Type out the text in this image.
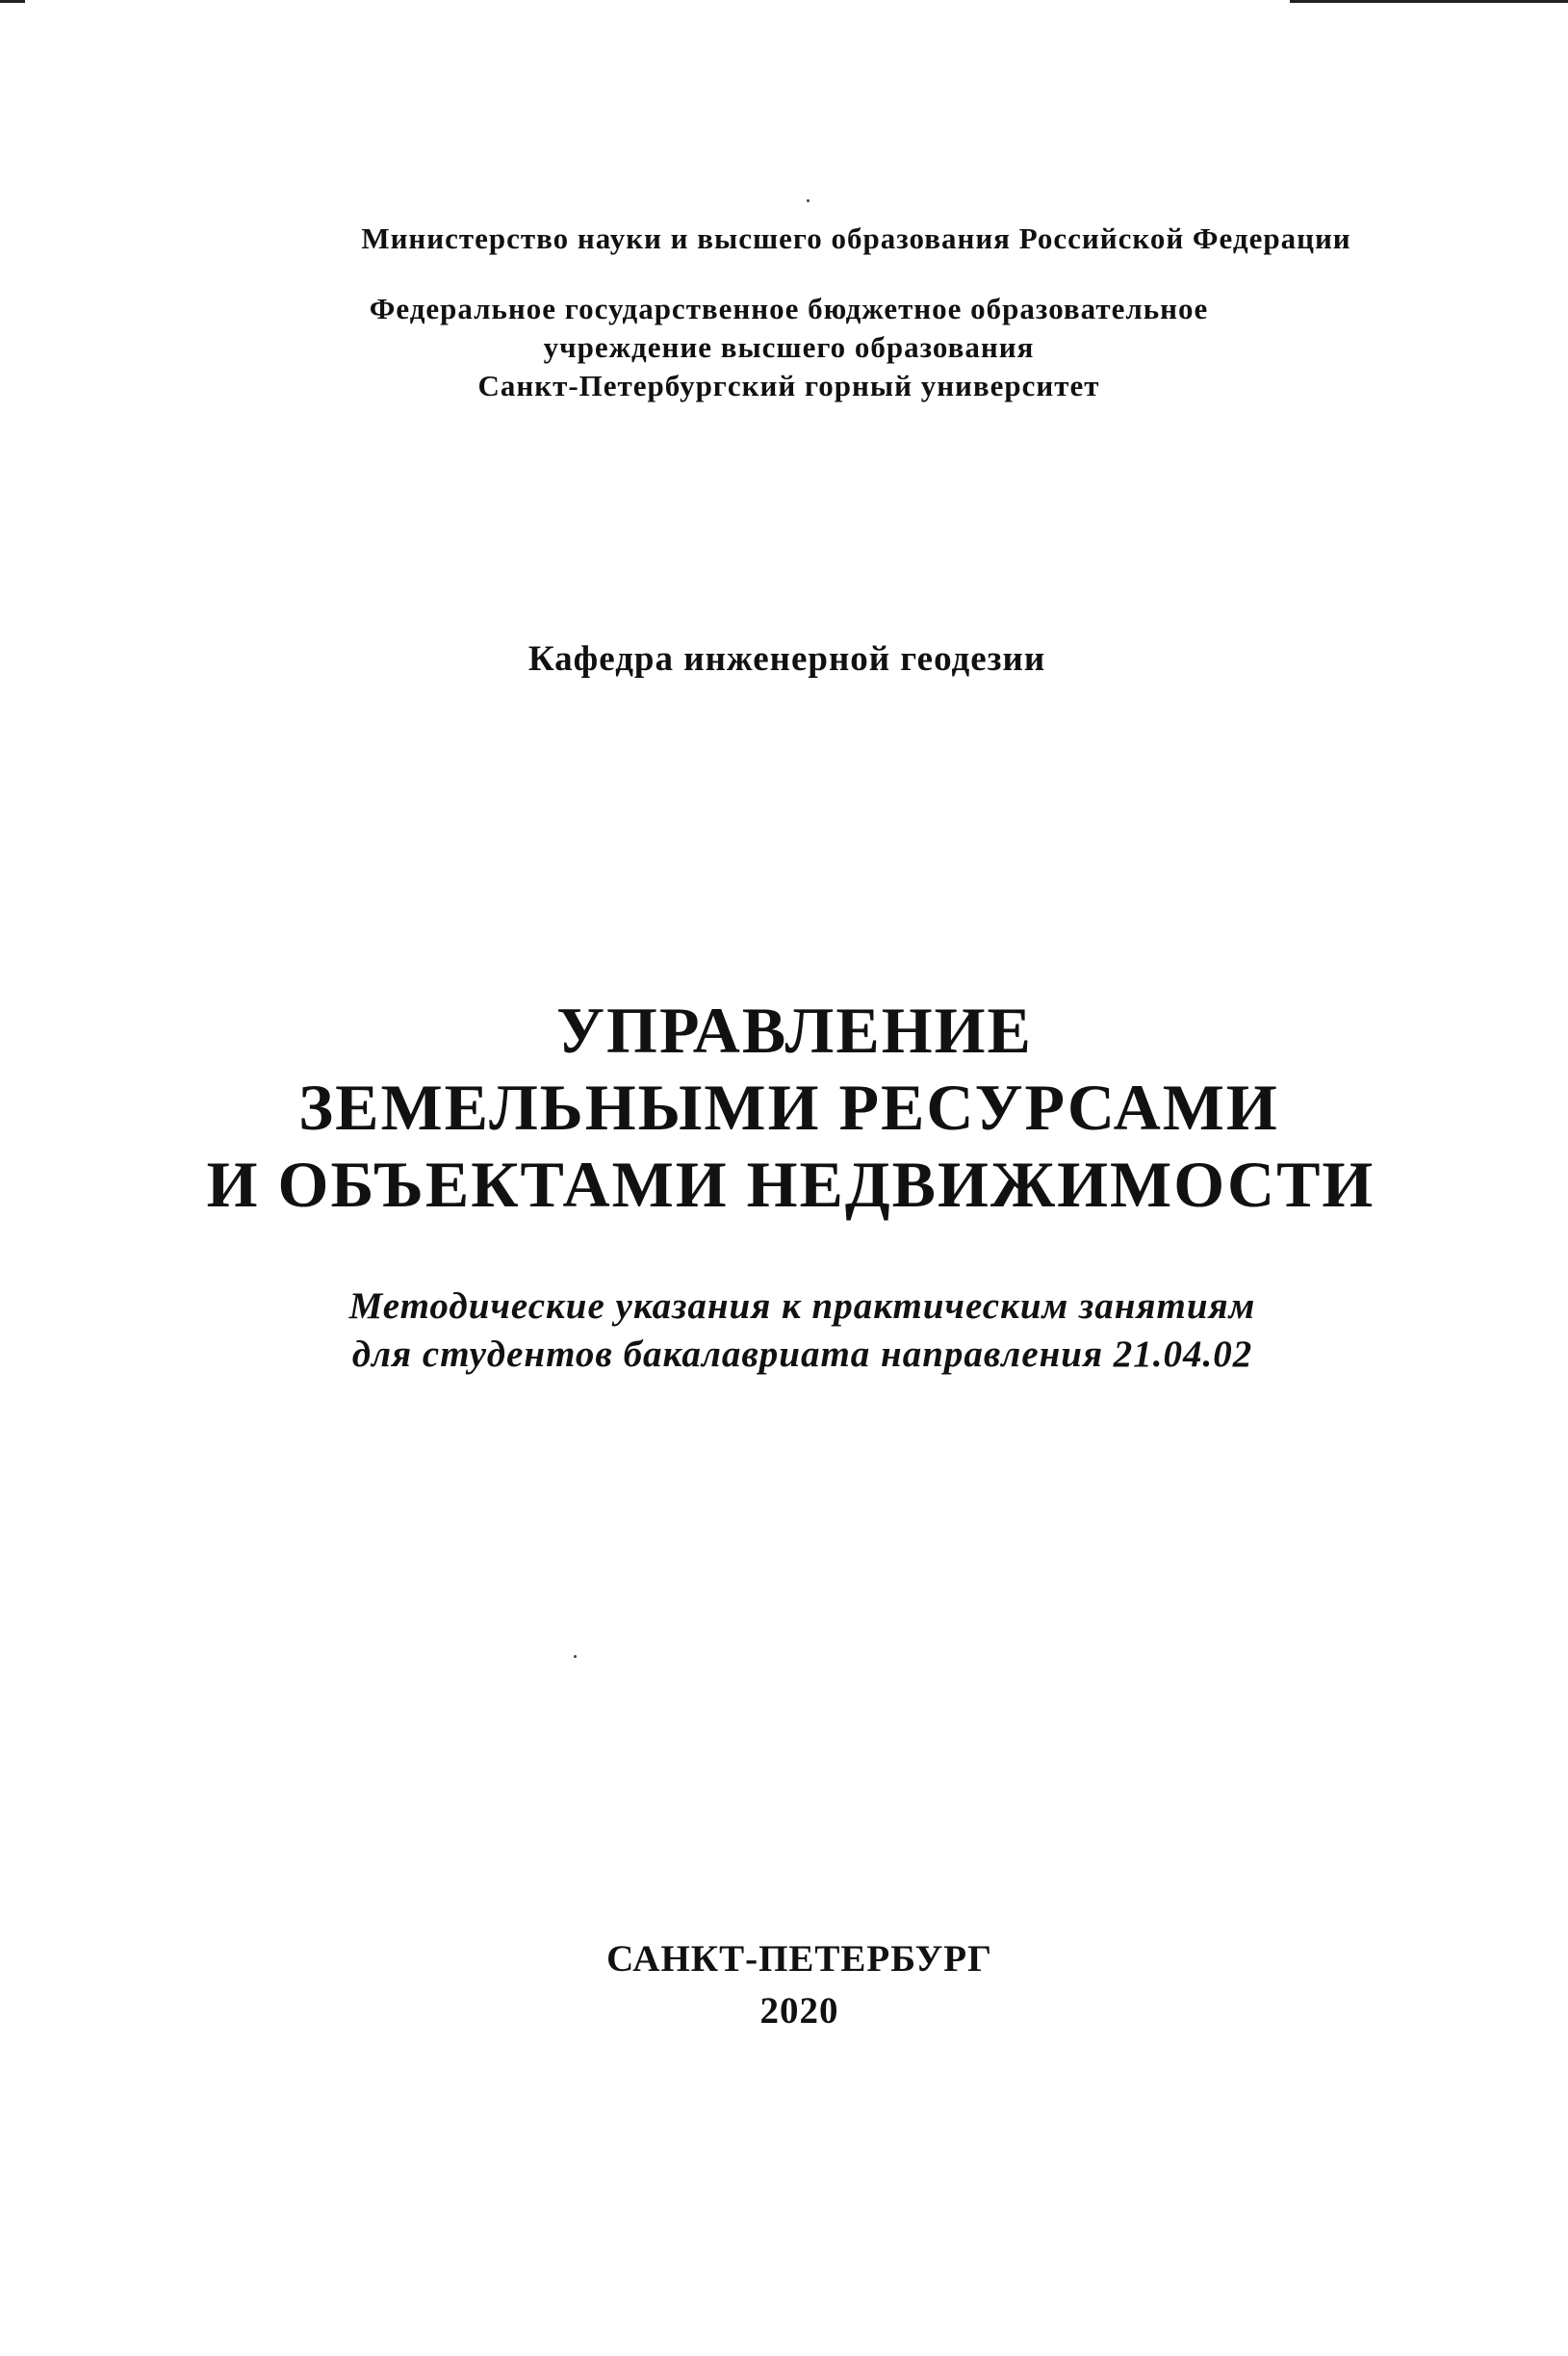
Министерство науки и высшего образования Российской Федерации
Федеральное государственное бюджетное образовательное
учреждение высшего образования
Санкт-Петербургский горный университет
Кафедра инженерной геодезии
УПРАВЛЕНИЕ
ЗЕМЕЛЬНЫМИ РЕСУРСАМИ
И ОБЪЕКТАМИ НЕДВИЖИМОСТИ
Методические указания к практическим занятиям
для студентов бакалавриата направления 21.04.02
САНКТ-ПЕТЕРБУРГ
2020
